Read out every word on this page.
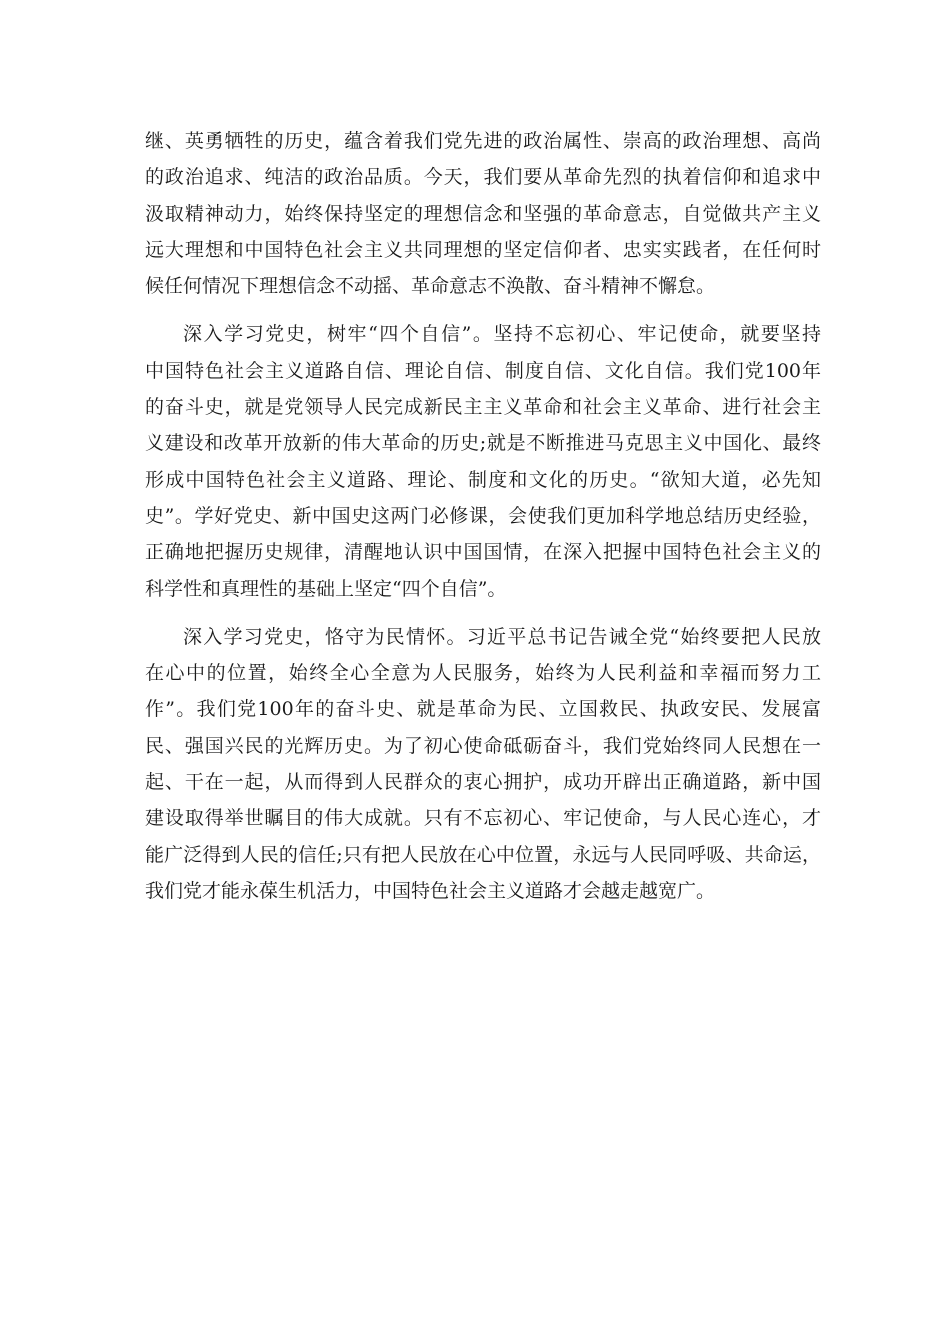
继、英勇牺牲的历史，蕴含着我们党先进的政治属性、崇高的政治理想、高尚
的政治追求、纯洁的政治品质。今天，我们要从革命先烈的执着信仰和追求中
汲取精神动力，始终保持坚定的理想信念和坚强的革命意志，自觉做共产主义
远大理想和中国特色社会主义共同理想的坚定信仰者、忠实实践者，在任何时
候任何情况下理想信念不动摇、革命意志不涣散、奋斗精神不懈怠。
深入学习党史，树牢“四个自信”。坚持不忘初心、牢记使命，就要坚持
中国特色社会主义道路自信、理论自信、制度自信、文化自信。我们党100年
的奋斗史，就是党领导人民完成新民主主义革命和社会主义革命、进行社会主
义建设和改革开放新的伟大革命的历史;就是不断推进马克思主义中国化、最终
形成中国特色社会主义道路、理论、制度和文化的历史。“欲知大道，必先知
史”。学好党史、新中国史这两门必修课，会使我们更加科学地总结历史经验，
正确地把握历史规律，清醒地认识中国国情，在深入把握中国特色社会主义的
科学性和真理性的基础上坚定“四个自信”。
深入学习党史，恪守为民情怀。习近平总书记告诫全党“始终要把人民放
在心中的位置，始终全心全意为人民服务，始终为人民利益和幸福而努力工
作”。我们党100年的奋斗史、就是革命为民、立国救民、执政安民、发展富
民、强国兴民的光辉历史。为了初心使命砥砺奋斗，我们党始终同人民想在一
起、干在一起，从而得到人民群众的衷心拥护，成功开辟出正确道路，新中国
建设取得举世瞩目的伟大成就。只有不忘初心、牢记使命，与人民心连心，才
能广泛得到人民的信任;只有把人民放在心中位置，永远与人民同呼吸、共命运，
我们党才能永葆生机活力，中国特色社会主义道路才会越走越宽广。
